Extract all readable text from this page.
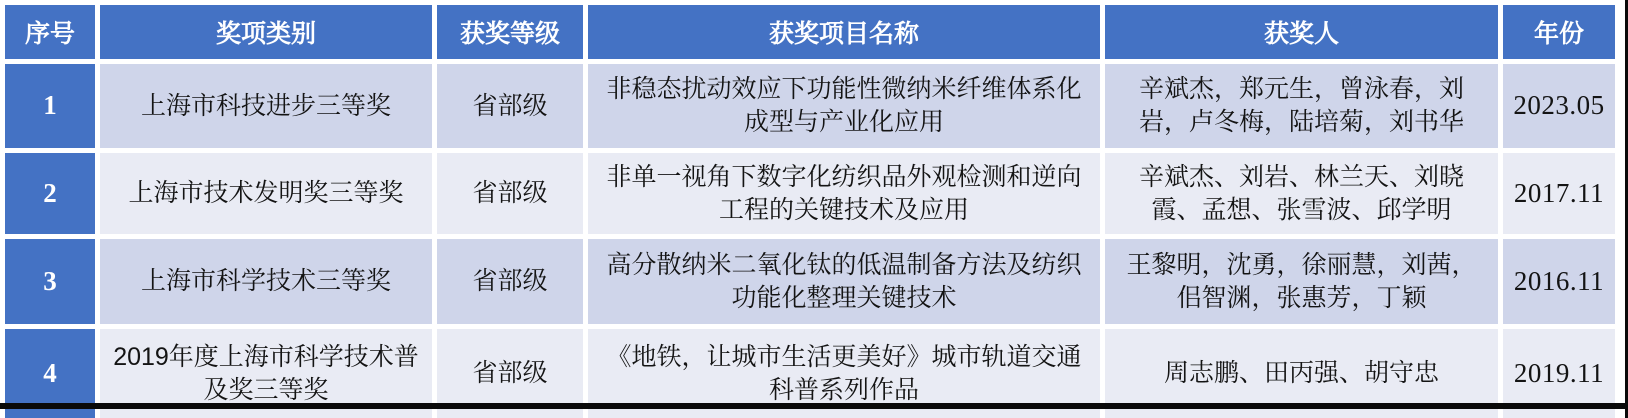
序号	奖项类别	获奖等级	获奖项目名称	获奖人	年份
1	上海市科技进步三等奖	省部级	非稳态扰动效应下功能性微纳米纤维体系化成型与产业化应用	辛斌杰，郑元生，曾泳春，刘岩，卢冬梅，陆培菊，刘书华	2023.05
2	上海市技术发明奖三等奖	省部级	非单一视角下数字化纺织品外观检测和逆向工程的关键技术及应用	辛斌杰、刘岩、林兰天、刘晓霞、孟想、张雪波、邱学明	2017.11
3	上海市科学技术三等奖	省部级	高分散纳米二氧化钛的低温制备方法及纺织功能化整理关键技术	王黎明，沈勇，徐丽慧，刘茜，佀智渊，张惠芳，丁颖	2016.11
4	2019年度上海市科学技术普及奖三等奖	省部级	《地铁，让城市生活更美好》城市轨道交通科普系列作品	周志鹏、田丙强、胡守忠	2019.11
